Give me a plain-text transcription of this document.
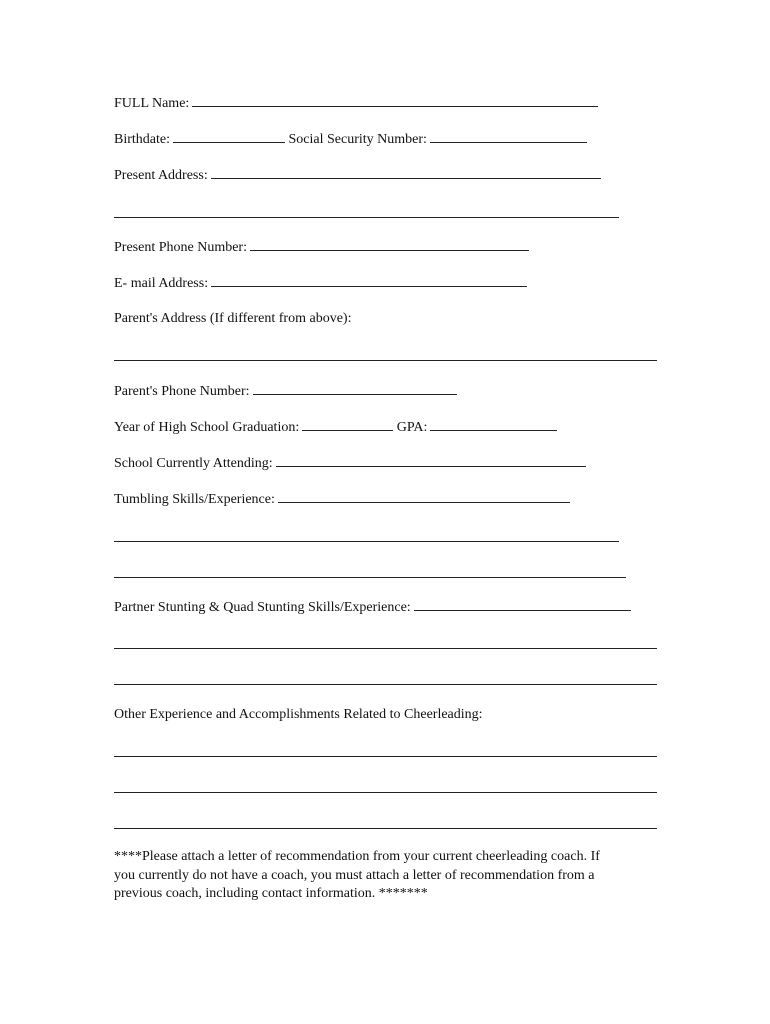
FULL Name:
Birthdate:	Social Security Number:
Present Address:
Present Phone Number:
E- mail Address:
Parent's Address (If different from above):
Parent's Phone Number:
Year of High School Graduation:	GPA:
School Currently Attending:
Tumbling Skills/Experience:
Partner Stunting & Quad Stunting Skills/Experience:
Other Experience and Accomplishments Related to Cheerleading:
****Please attach a letter of recommendation from your current cheerleading coach. If
you currently do not have a coach, you must attach a letter of recommendation from a
previous coach, including contact information. *******
